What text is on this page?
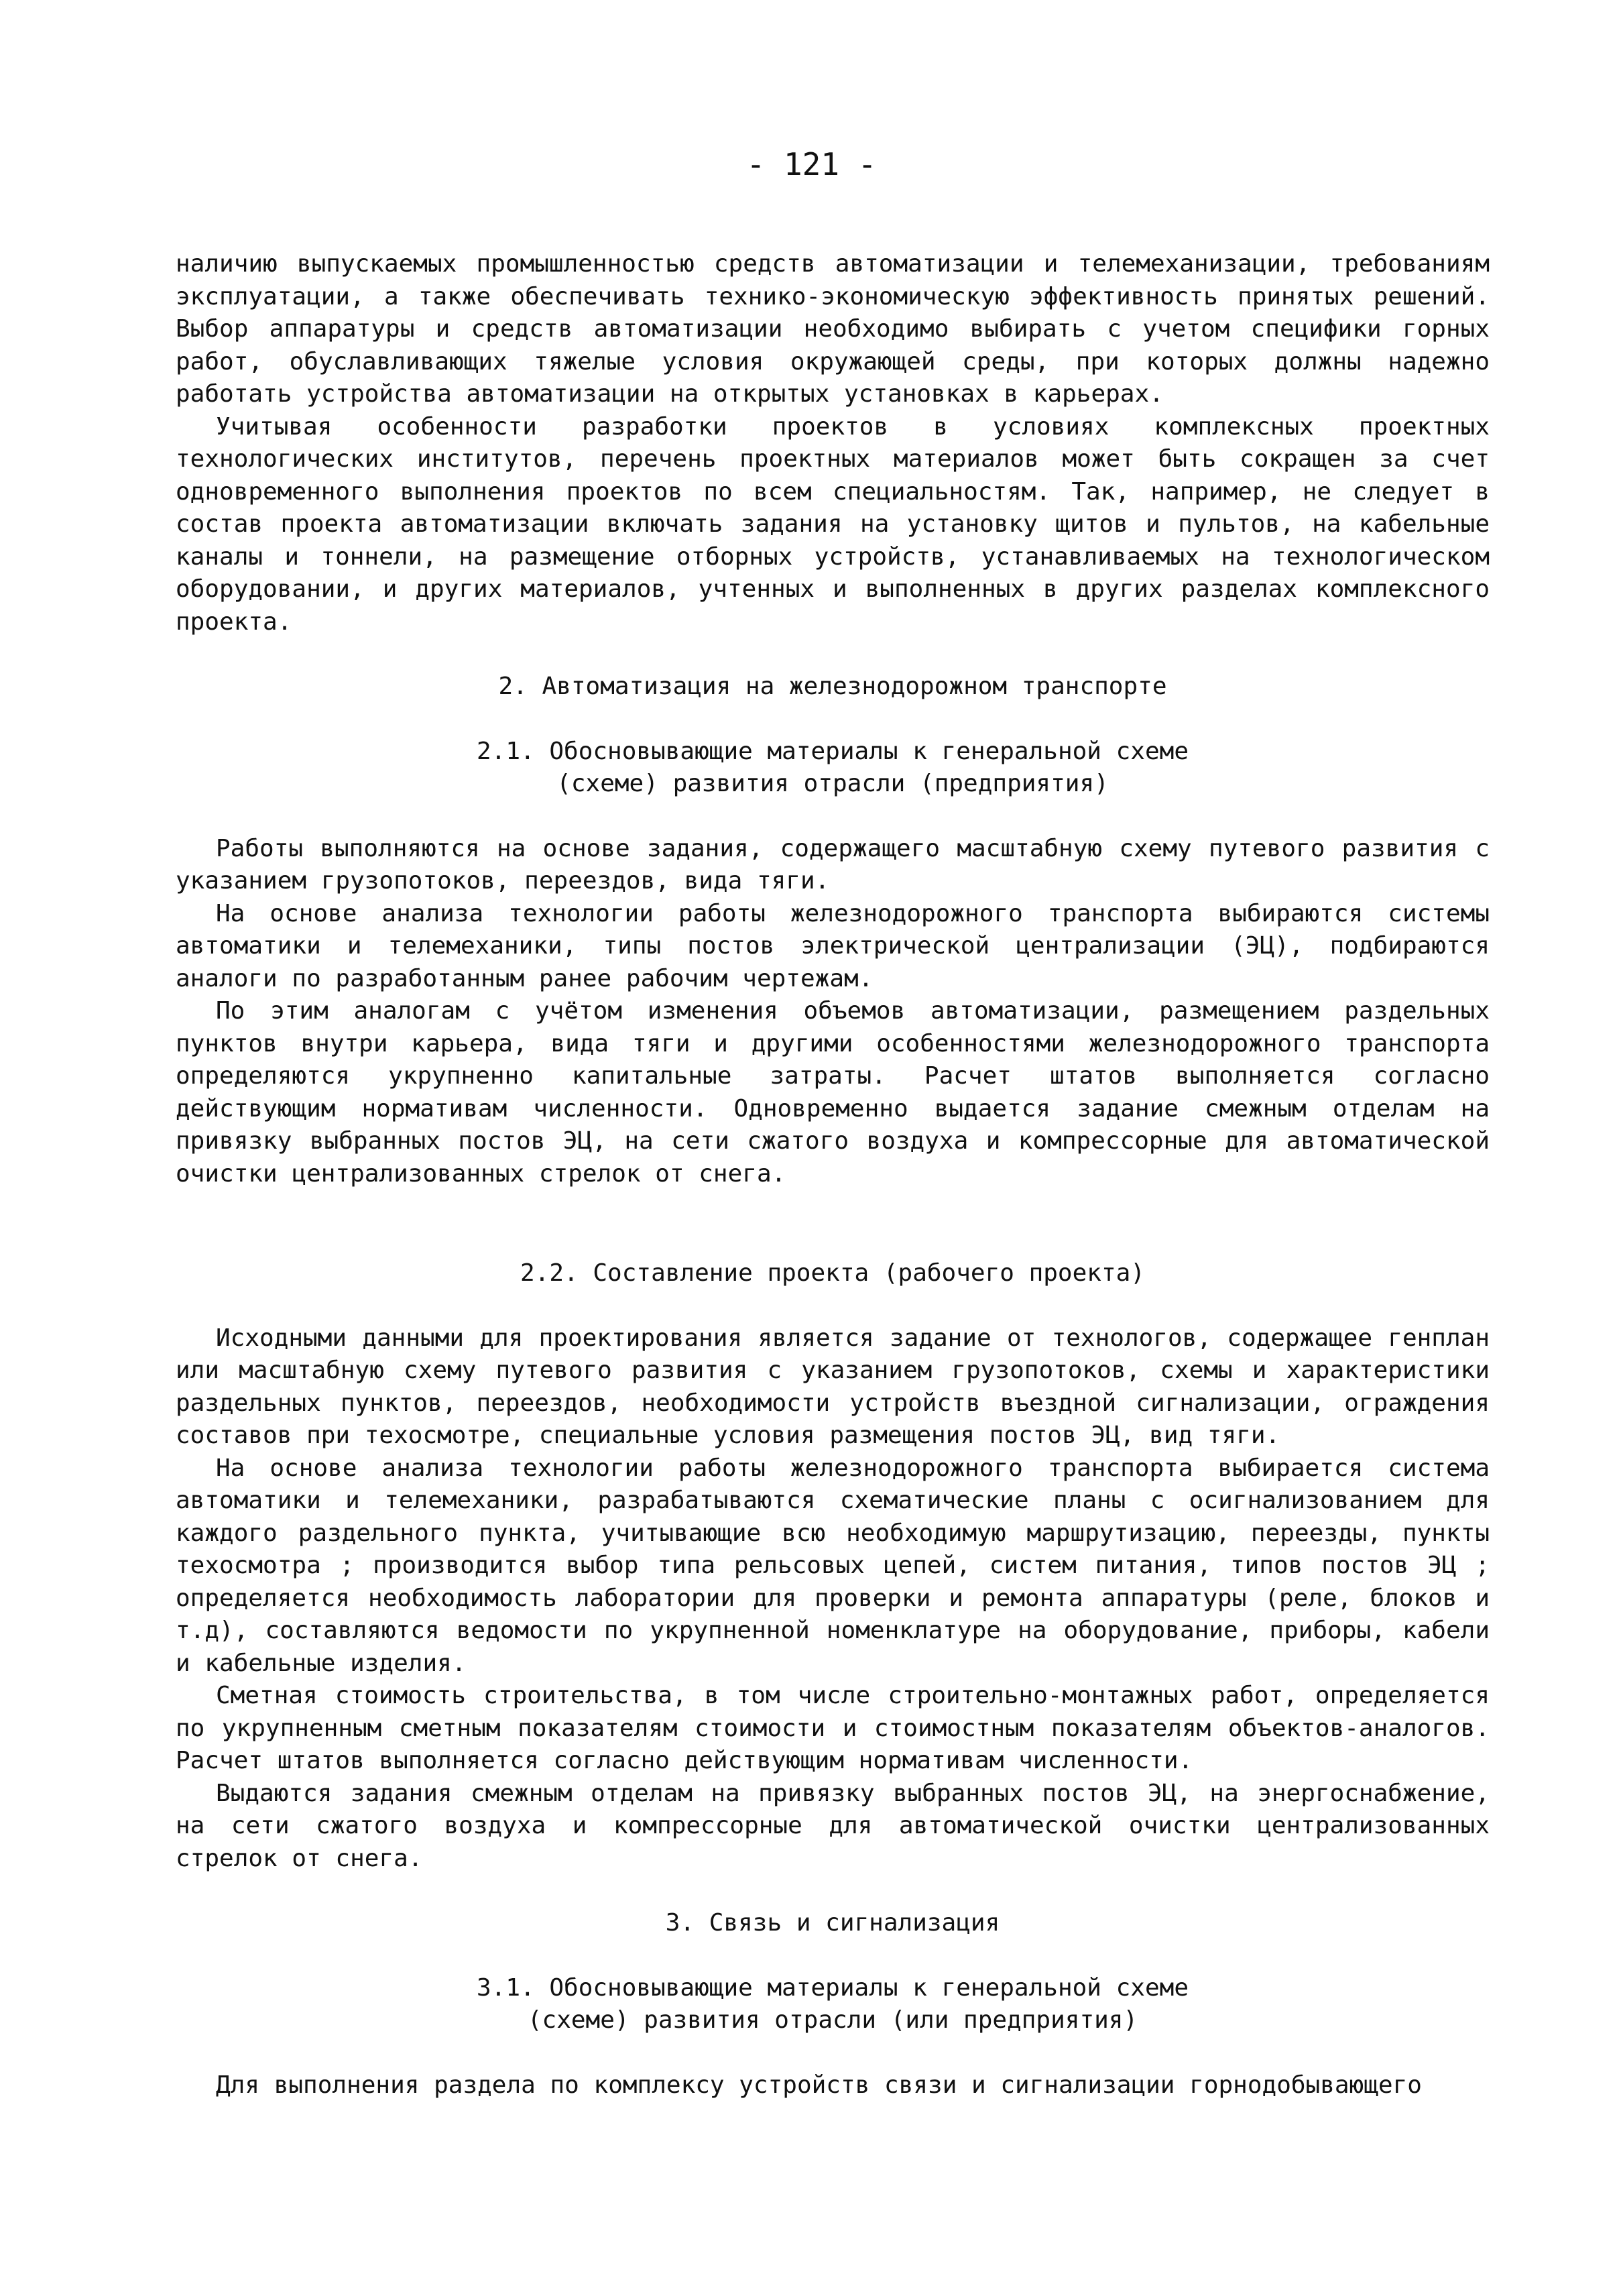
- 121 -

наличию выпускаемых промышленностью средств автоматизации и телемеханизации, требованиям эксплуатации, а также обеспечивать технико-экономическую эффективность принятых решений. Выбор аппаратуры и средств автоматизации необходимо выбирать с учетом специфики горных работ, обуславливающих тяжелые условия окружающей среды, при которых должны надежно работать устройства автоматизации на открытых установках в карьерах.

Учитывая особенности разработки проектов в условиях комплексных проектных технологических институтов, перечень проектных материалов может быть сокращен за счет одновременного выполнения проектов по всем специальностям. Так, например, не следует в состав проекта автоматизации включать задания на установку щитов и пультов, на кабельные каналы и тоннели, на размещение отборных устройств, устанавливаемых на технологическом оборудовании, и других материалов, учтенных и выполненных в других разделах комплексного проекта.

2. Автоматизация на железнодорожном транспорте
2.1. Обосновывающие материалы к генеральной схеме
(схеме) развития отрасли (предприятия)

Работы выполняются на основе задания, содержащего масштабную схему путевого развития с указанием грузопотоков, переездов, вида тяги.

На основе анализа технологии работы железнодорожного транспорта выбираются системы автоматики и телемеханики, типы постов электрической централизации (ЭЦ), подбираются аналоги по разработанным ранее рабочим чертежам.

По этим аналогам с учётом изменения объемов автоматизации, размещением раздельных пунктов внутри карьера, вида тяги и другими особенностями железнодорожного транспорта определяются укрупненно капитальные затраты. Расчет штатов выполняется согласно действующим нормативам численности. Одновременно выдается задание смежным отделам на привязку выбранных постов ЭЦ, на сети сжатого воздуха и компрессорные для автоматической очистки централизованных стрелок от снега.

2.2. Составление проекта (рабочего проекта)

Исходными данными для проектирования является задание от технологов, содержащее генплан или масштабную схему путевого развития с указанием грузопотоков, схемы и характеристики раздельных пунктов, переездов, необходимости устройств въездной сигнализации, ограждения составов при техосмотре, специальные условия размещения постов ЭЦ, вид тяги.

На основе анализа технологии работы железнодорожного транспорта выбирается система автоматики и телемеханики, разрабатываются схематические планы с осигнализованием для каждого раздельного пункта, учитывающие всю необходимую маршрутизацию, переезды, пункты техосмотра ; производится выбор типа рельсовых цепей, систем питания, типов постов ЭЦ ; определяется необходимость лаборатории для проверки и ремонта аппаратуры (реле, блоков и т.д), составляются ведомости по укрупненной номенклатуре на оборудование, приборы, кабели и кабельные изделия.

Сметная стоимость строительства, в том числе строительно-монтажных работ, определяется по укрупненным сметным показателям стоимости и стоимостным показателям объектов-аналогов. Расчет штатов выполняется согласно действующим нормативам численности.

Выдаются задания смежным отделам на привязку выбранных постов ЭЦ, на энергоснабжение, на сети сжатого воздуха и компрессорные для автоматической очистки централизованных стрелок от снега.

3. Связь и сигнализация
3.1. Обосновывающие материалы к генеральной схеме
(схеме) развития отрасли (или предприятия)

Для выполнения раздела по комплексу устройств связи и сигнализации горнодобывающего
